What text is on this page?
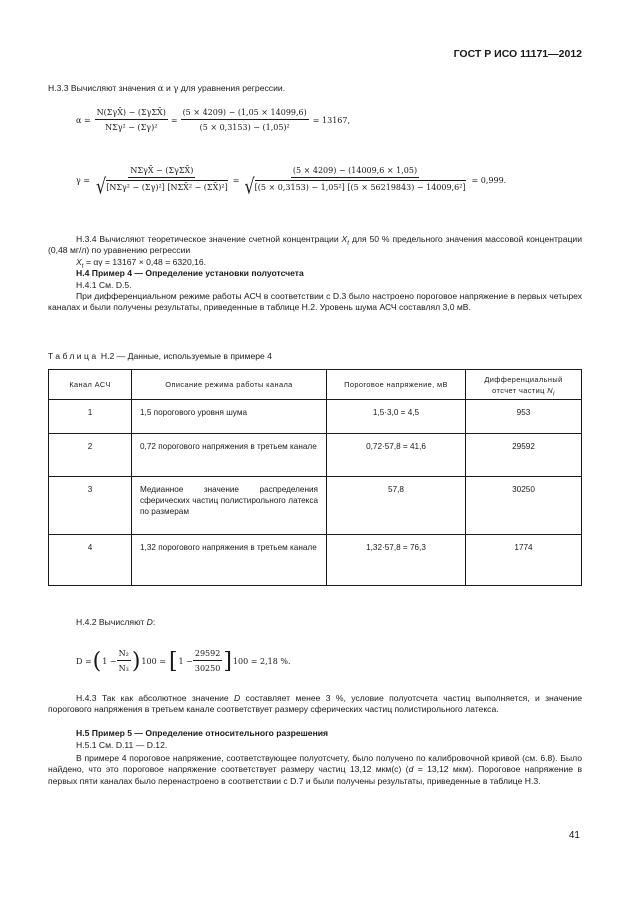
ГОСТ Р ИСО 11171—2012
Н.3.3 Вычисляют значения α и γ для уравнения регрессии.
$\alpha = \frac{\text{N(ΣγX̄) − (ΣγΣX̄)}}{\text{NΣγ² − (Σγ)²}} = \frac{(5 \times 4209) - (1,05 \times 14099,6)}{\text{(5 × 0,3153) − (1,05)²}} = 13167$,
$\gamma = \frac{\text{NΣγX̄ − (ΣγΣX̄)}}{\text{√ [NΣγ² − (Σγ)²] [NΣX̄² − (ΣX̄)²]}} = \frac{(5 \times 4209) - (14009,6 \times 1,05)}{\text{√ [(5 × 0,3153) − 1,05²] [(5 × 56219843) − 14009,6²]}} = 0,999$.
Н.3.4 Вычисляют теоретическое значение счетной концентрации $X_t$ для 50 % предельного значения массовой концентрации (0,48 мг/л) по уравнению регрессии
$X_t = \alpha\gamma = 13167 \times 0,48 = 6320,16$.
Н.4 Пример 4 — Определение установки полуотсчета
Н.4.1 См. D.5.
При дифференциальном режиме работы АСЧ в соответствии с D.3 было настроено пороговое напряжение в первых четырех каналах и были получены результаты, приведенные в таблице Н.2. Уровень шума АСЧ составлял 3,0 мВ.
Таблица Н.2 — Данные, используемые в примере 4
Канал АСЧ	Описание режима работы канала	Пороговое напряжение, мВ	Дифференциальный отсчет частиц $N_i$
1	1,5 порогового уровня шума	1,5·3,0 = 4,5	953
2	0,72 порогового напряжения в третьем канале	0,72·57,8 = 41,6	29592
3	Медианное значение распределения сферических частиц полистирольного латекса по размерам	57,8	30250
4	1,32 порогового напряжения в третьем канале	1,32·57,8 = 76,3	1774
Н.4.2 Вычисляют D:
D = ( $1 - \frac{\text{N₂}}{\text{N₃}}$ ) 100 = [ $1 - \frac{29592}{30250}$ ] 100 = 2,18 %.
Н.4.3 Так как абсолютное значение D составляет менее 3 %, условие полуотсчета частиц выполняется, и значение порогового напряжения в третьем канале соответствует размеру сферических частиц полистирольного латекса.
Н.5 Пример 5 — Определение относительного разрешения
Н.5.1 См. D.11 — D.12.
В примере 4 пороговое напряжение, соответствующее полуотсчету, было получено по калибровочной кривой (см. 6.8). Было найдено, что это пороговое напряжение соответствует размеру частиц 13,12 мкм(с) (d = 13,12 мкм). Пороговое напряжение в первых пяти каналах было перенастроено в соответствии с D.7 и были получены результаты, приведенные в таблице Н.3.
41
